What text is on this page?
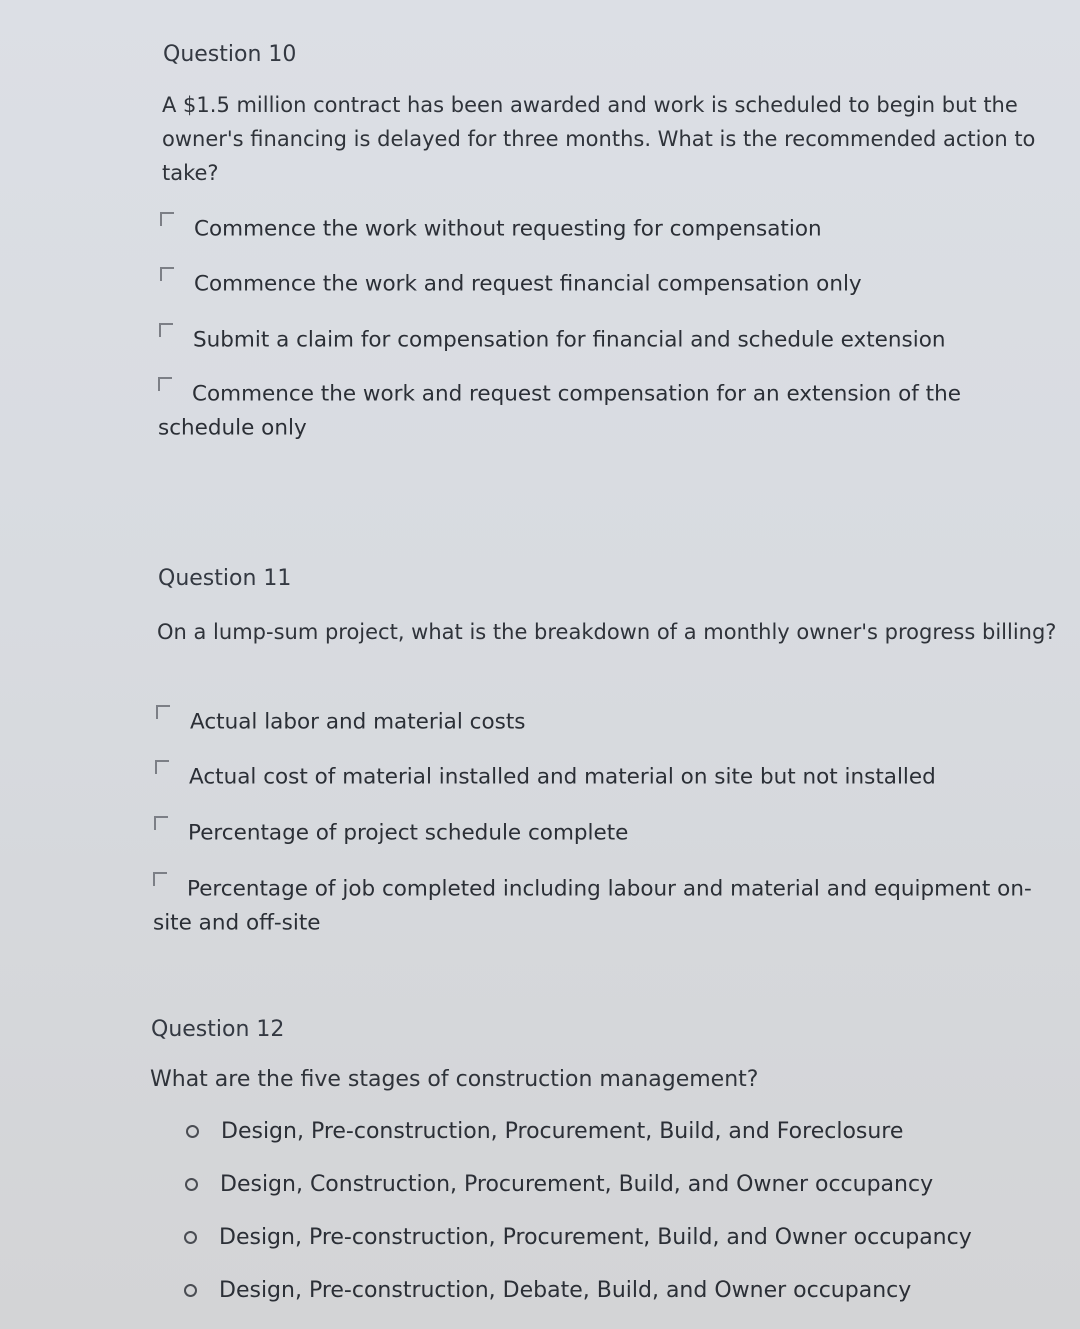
Question 10
A $1.5 million contract has been awarded and work is scheduled to begin but the owner's financing is delayed for three months. What is the recommended action to take?
Commence the work without requesting for compensation
Commence the work and request financial compensation only
Submit a claim for compensation for financial and schedule extension
Commence the work and request compensation for an extension of the schedule only
Question 11
On a lump-sum project, what is the breakdown of a monthly owner's progress billing?
Actual labor and material costs
Actual cost of material installed and material on site but not installed
Percentage of project schedule complete
Percentage of job completed including labour and material and equipment on-site and off-site
Question 12
What are the five stages of construction management?
Design, Pre-construction, Procurement, Build, and Foreclosure
Design, Construction, Procurement, Build, and Owner occupancy
Design, Pre-construction, Procurement, Build, and Owner occupancy
Design, Pre-construction, Debate, Build, and Owner occupancy
